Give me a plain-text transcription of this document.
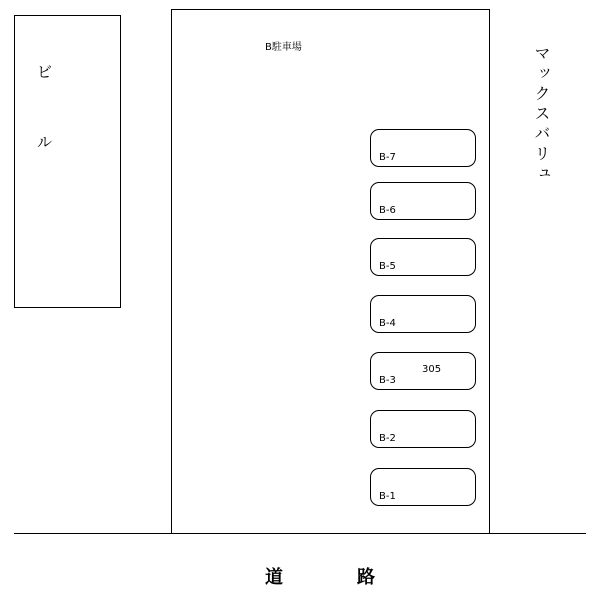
ビ
ル
B駐車場
B-7
B-6
B-5
B-4
B-3
305
B-2
B-1
マックスバリュ
道	路
